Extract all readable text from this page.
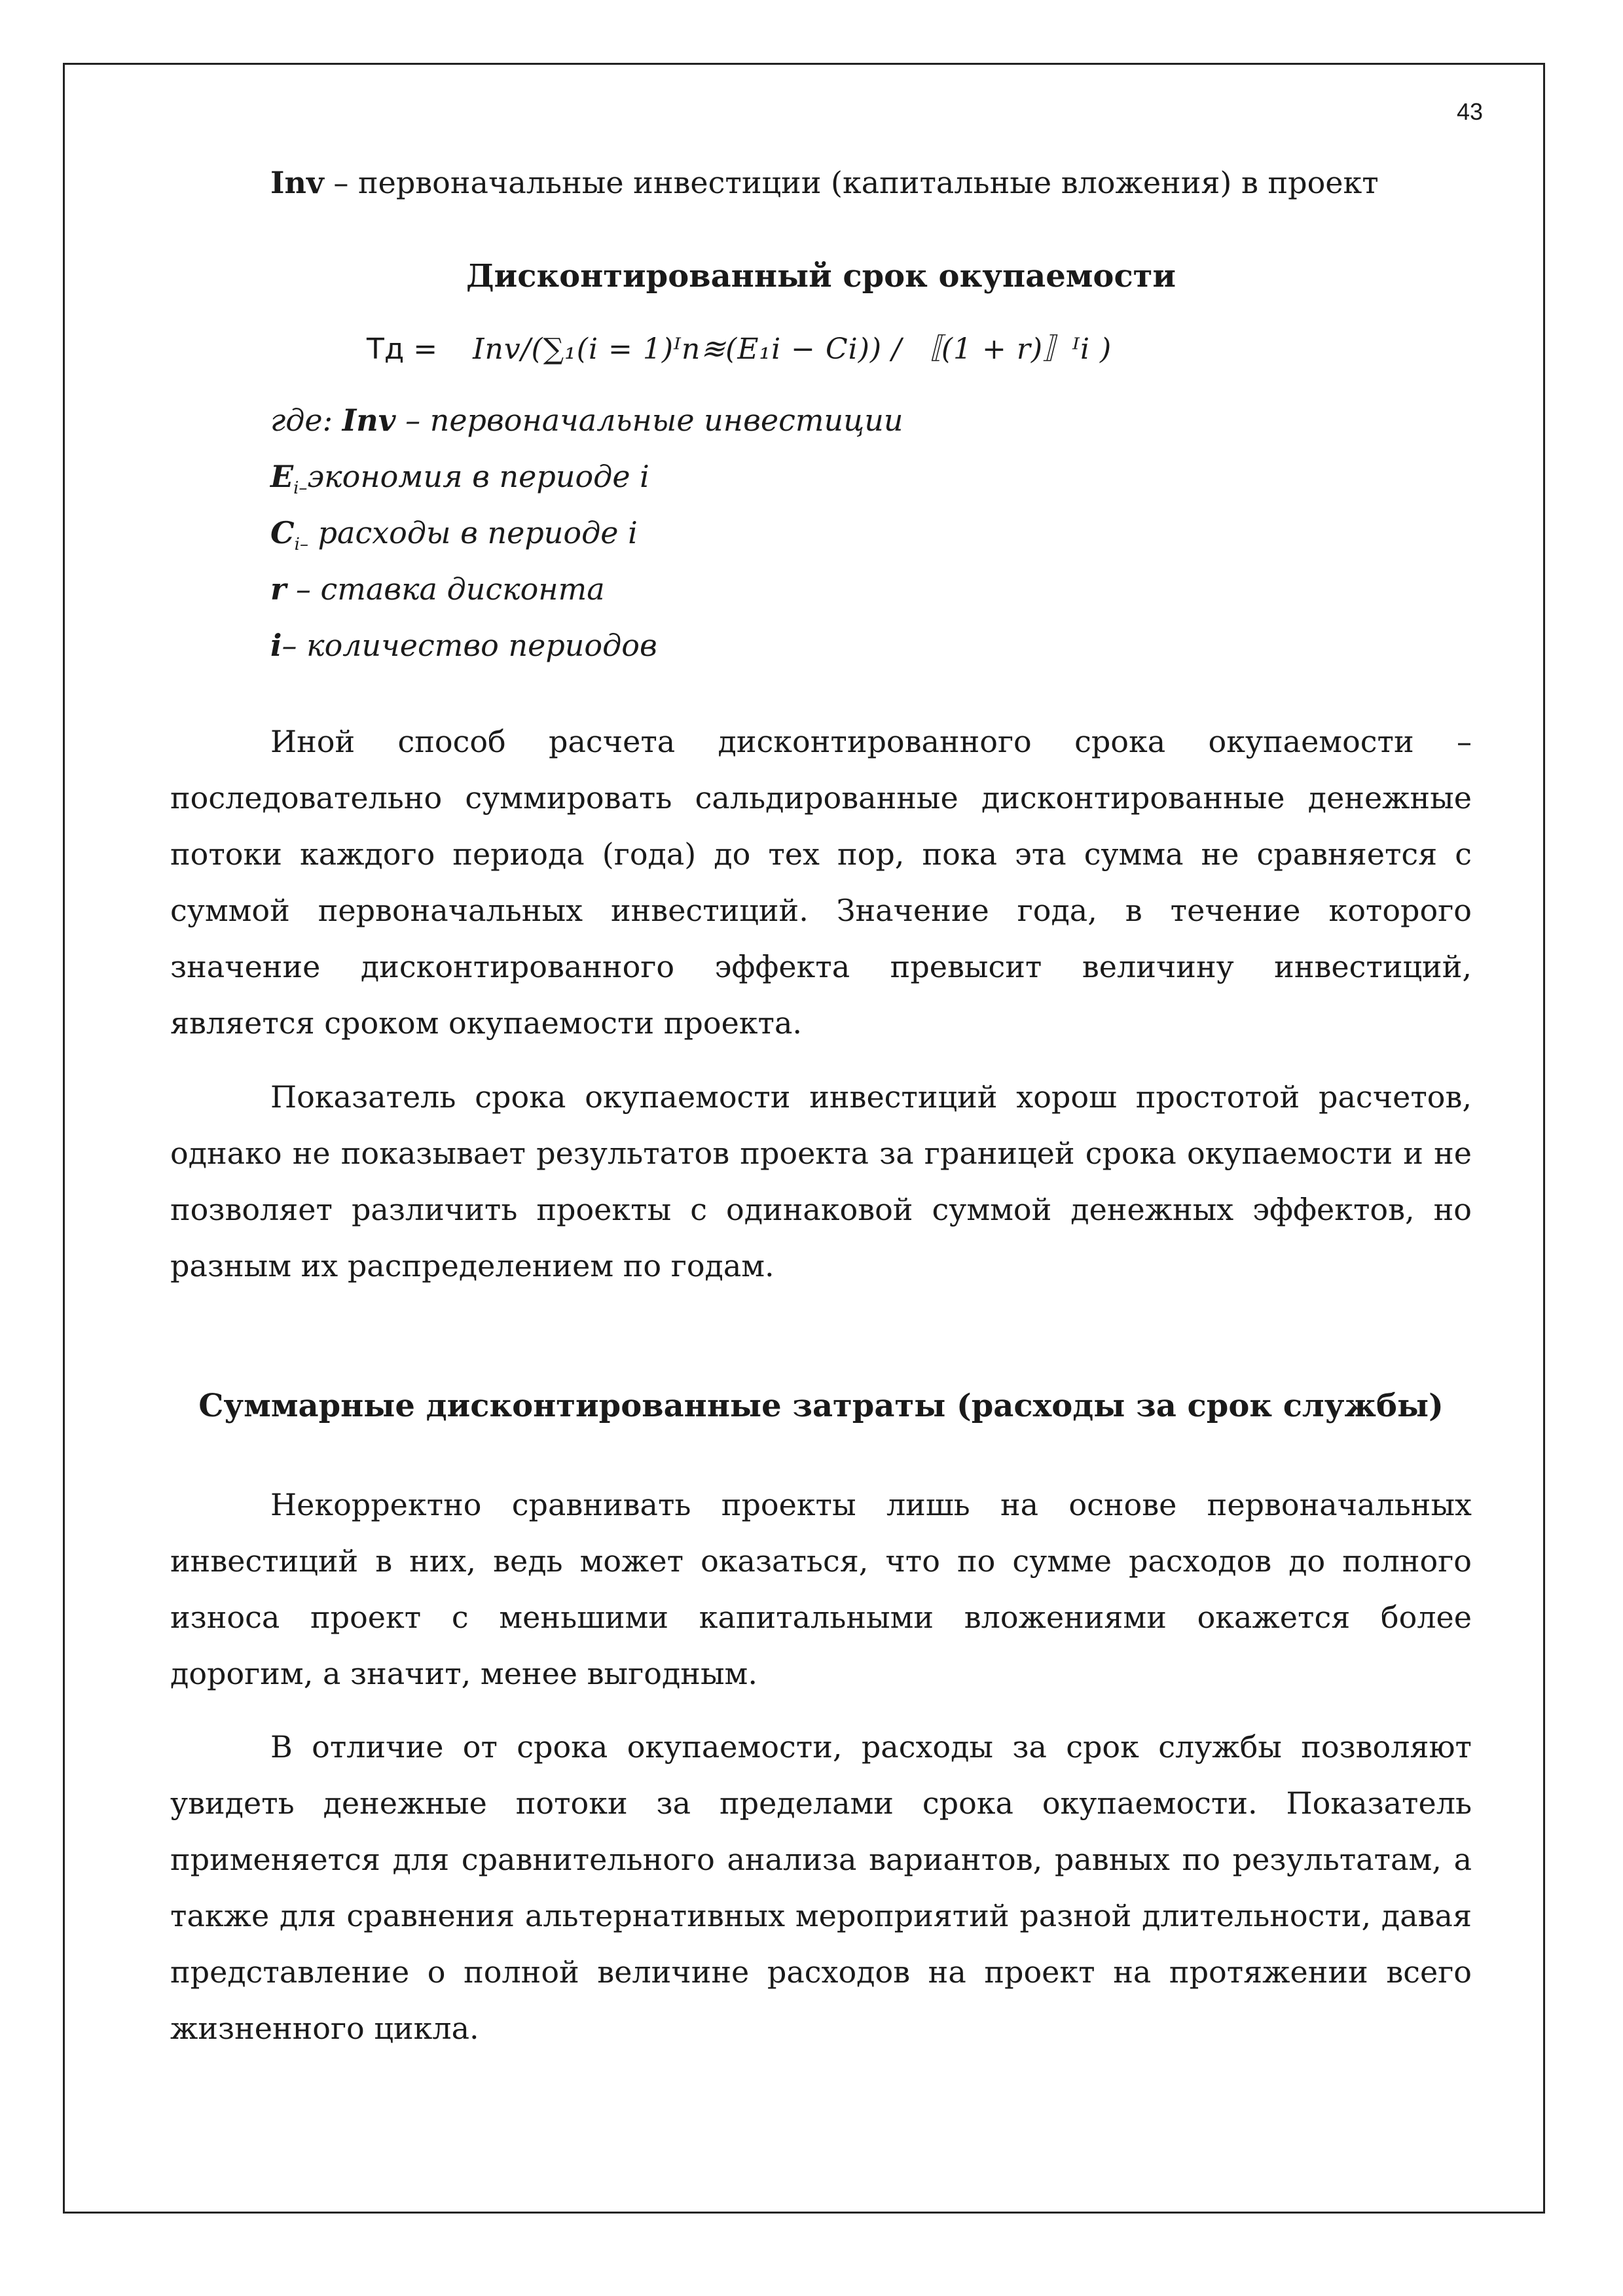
43
Inv – первоначальные инвестиции (капитальные вложения) в проект
Дисконтированный срок окупаемости
Тд = Inv/(∑₁(i = 1)ᴵn≋(E₁i − Ci)) / 〚(1 + r)〛ᴵi )
где: Inv – первоначальные инвестиции
$E_{i-}экономия$ в периоде i
$C_{i-}$ расходы в периоде i
r – ставка дисконта
i– количество периодов

Иной способ расчета дисконтированного срока окупаемости – последовательно суммировать сальдированные дисконтированные денежные потоки каждого периода (года) до тех пор, пока эта сумма не сравняется с суммой первоначальных инвестиций. Значение года, в течение которого значение дисконтированного эффекта превысит величину инвестиций, является сроком окупаемости проекта.

Показатель срока окупаемости инвестиций хорош простотой расчетов, однако не показывает результатов проекта за границей срока окупаемости и не позволяет различить проекты с одинаковой суммой денежных эффектов, но разным их распределением по годам.

Суммарные дисконтированные затраты (расходы за срок службы)

Некорректно сравнивать проекты лишь на основе первоначальных инвестиций в них, ведь может оказаться, что по сумме расходов до полного износа проект с меньшими капитальными вложениями окажется более дорогим, а значит, менее выгодным.

В отличие от срока окупаемости, расходы за срок службы позволяют увидеть денежные потоки за пределами срока окупаемости. Показатель применяется для сравнительного анализа вариантов, равных по результатам, а также для сравнения альтернативных мероприятий разной длительности, давая представление о полной величине расходов на проект на протяжении всего жизненного цикла.
